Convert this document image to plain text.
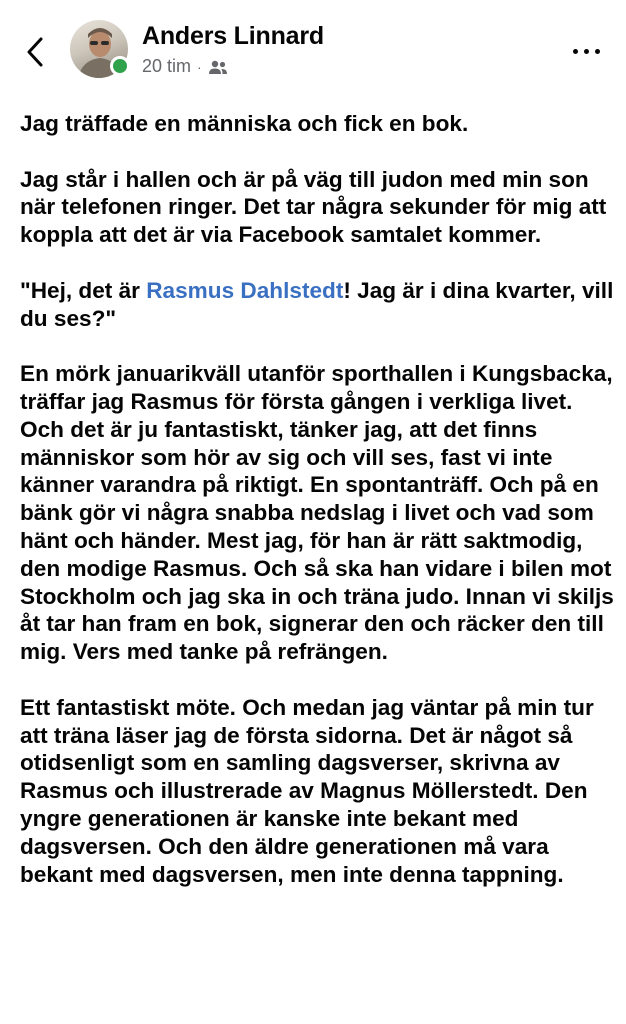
Anders Linnard
20 tim ·

Jag träffade en människa och fick en bok.

Jag står i hallen och är på väg till judon med min son när telefonen ringer. Det tar några sekunder för mig att koppla att det är via Facebook samtalet kommer.

"Hej, det är Rasmus Dahlstedt! Jag är i dina kvarter, vill du ses?"

En mörk januarikväll utanför sporthallen i Kungsbacka, träffar jag Rasmus för första gången i verkliga livet. Och det är ju fantastiskt, tänker jag, att det finns människor som hör av sig och vill ses, fast vi inte känner varandra på riktigt. En spontanträff. Och på en bänk gör vi några snabba nedslag i livet och vad som hänt och händer. Mest jag, för han är rätt saktmodig, den modige Rasmus. Och så ska han vidare i bilen mot Stockholm och jag ska in och träna judo. Innan vi skiljs åt tar han fram en bok, signerar den och räcker den till mig. Vers med tanke på refrängen.

Ett fantastiskt möte. Och medan jag väntar på min tur att träna läser jag de första sidorna. Det är något så otidsenligt som en samling dagsverser, skrivna av Rasmus och illustrerade av Magnus Möllerstedt. Den yngre generationen är kanske inte bekant med dagsversen. Och den äldre generationen må vara bekant med dagsversen, men inte denna tappning.
